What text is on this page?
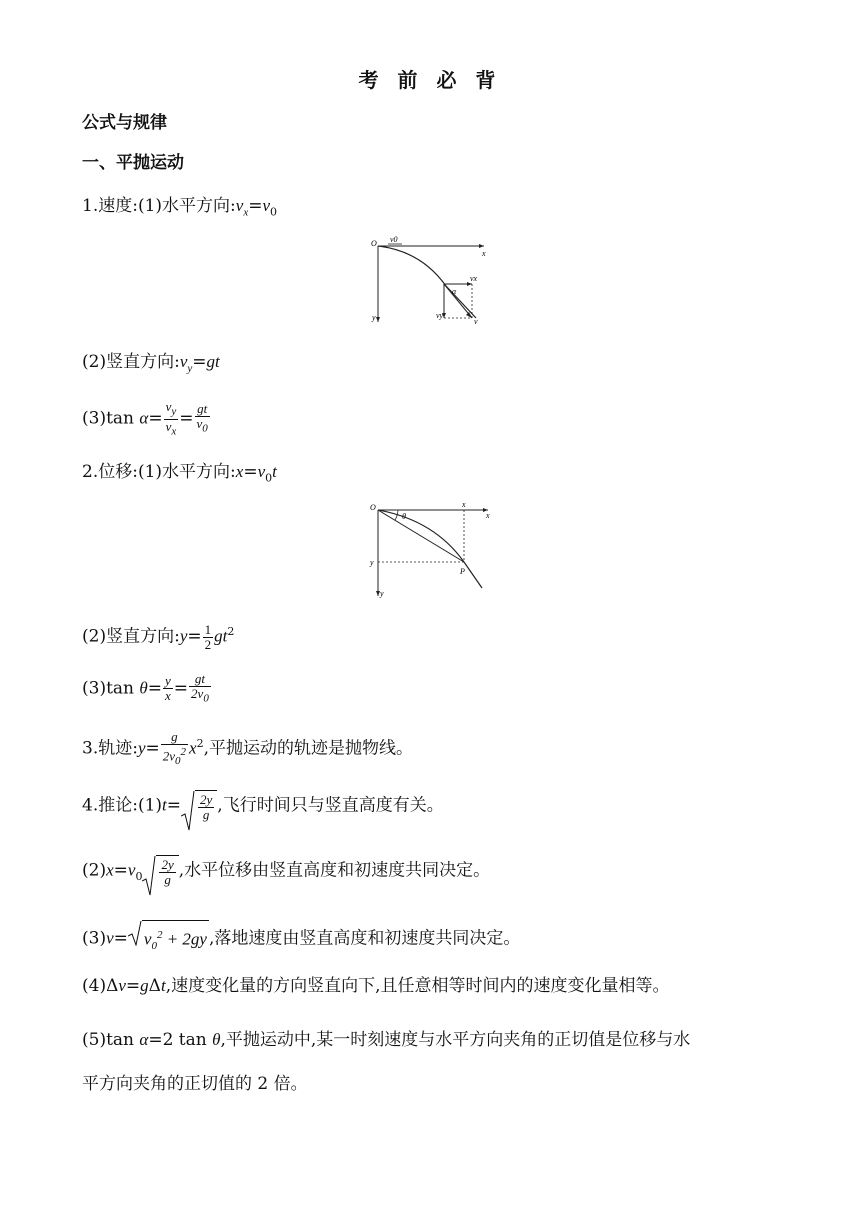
考 前 必 背
公式与规律
一、平抛运动
1.速度:(1)水平方向$:v_x=v_0$
O
x
y
v0
vx
vy
v
α
(2)竖直方向$:v_y=gt$
(3)tan $\alpha= \frac{v_y}{v_x} = \frac{gt}{v_0}$
2.位移:(1)水平方向$:x=v_0t$
O
x
x
y
y
P
θ
(2)竖直方向:y= $\frac{1}{2} gt^2$
(3)tan $\theta= \frac{y}{x} = \frac{gt}{2v_0}$
3.轨迹:y= $\frac{g}{2v_0^2} x^2$,平抛运动的轨迹是抛物线。
4.推论:(1)t= $\frac{2y}{g}$ ,飞行时间只与竖直高度有关。
$(2)x=v_0 \frac{2y}{g}$ ,水平位移由竖直高度和初速度共同决定。
$(3)v= v_0^2 + 2gy$ ,落地速度由竖直高度和初速度共同决定。
(4)Δv=gΔt,速度变化量的方向竖直向下,且任意相等时间内的速度变化量相等。
(5)tan α=2 tan θ,平抛运动中,某一时刻速度与水平方向夹角的正切值是位移与水
平方向夹角的正切值的 2 倍。
